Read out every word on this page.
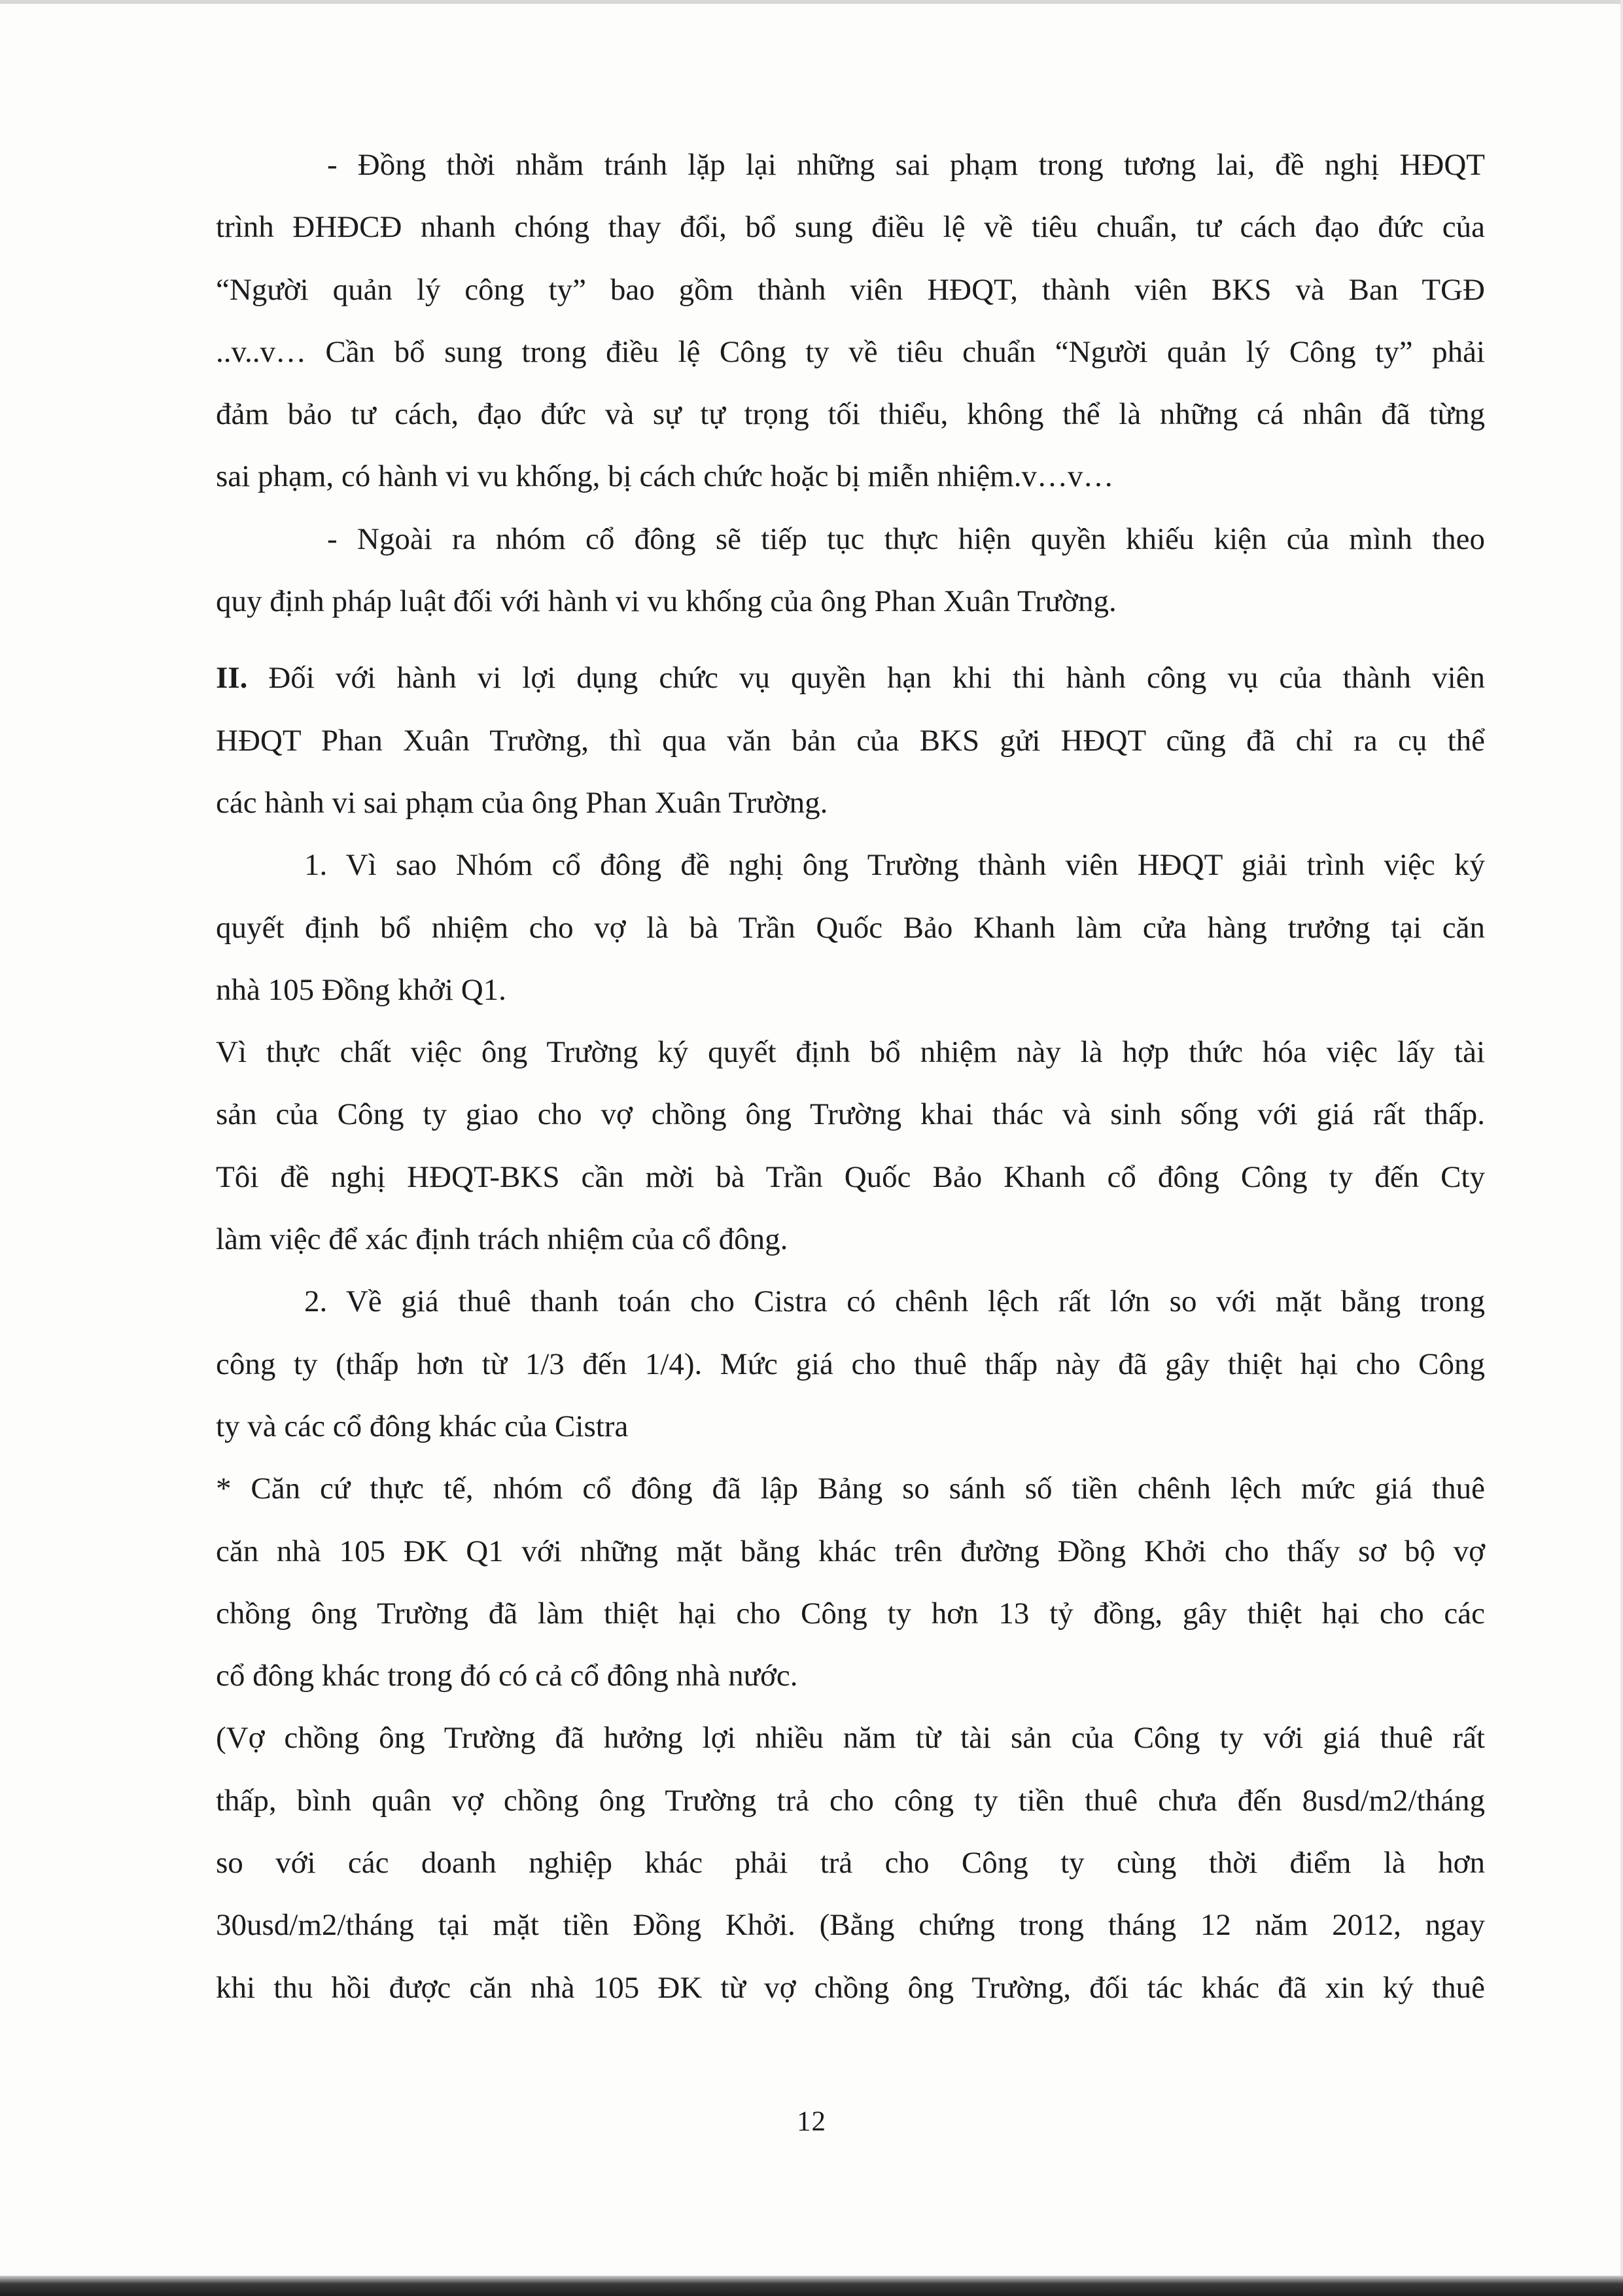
- Đồng thời nhằm tránh lặp lại những sai phạm trong tương lai, đề nghị HĐQT

trình ĐHĐCĐ nhanh chóng thay đổi, bổ sung điều lệ về tiêu chuẩn, tư cách đạo đức của

“Người quản lý công ty” bao gồm thành viên HĐQT, thành viên BKS và Ban TGĐ

..v..v… Cần bổ sung trong điều lệ Công ty về tiêu chuẩn “Người quản lý Công ty” phải

đảm bảo tư cách, đạo đức và sự tự trọng tối thiểu, không thể là những cá nhân đã từng

sai phạm, có hành vi vu khống, bị cách chức hoặc bị miễn nhiệm.v…v…

- Ngoài ra nhóm cổ đông sẽ tiếp tục thực hiện quyền khiếu kiện của mình theo

quy định pháp luật đối với hành vi vu khống của ông Phan Xuân Trường.

II. Đối với hành vi lợi dụng chức vụ quyền hạn khi thi hành công vụ của thành viên

HĐQT Phan Xuân Trường, thì qua văn bản của BKS gửi HĐQT cũng đã chỉ ra cụ thể

các hành vi sai phạm của ông Phan Xuân Trường.

1. Vì sao Nhóm cổ đông đề nghị ông Trường thành viên HĐQT giải trình việc ký

quyết định bổ nhiệm cho vợ là bà Trần Quốc Bảo Khanh làm cửa hàng trưởng tại căn

nhà 105 Đồng khởi Q1.

Vì thực chất việc ông Trường ký quyết định bổ nhiệm này là hợp thức hóa việc lấy tài

sản của Công ty giao cho vợ chồng ông Trường khai thác và sinh sống với giá rất thấp.

Tôi đề nghị HĐQT-BKS cần mời bà Trần Quốc Bảo Khanh cổ đông Công ty đến Cty

làm việc để xác định trách nhiệm của cổ đông.

2. Về giá thuê thanh toán cho Cistra có chênh lệch rất lớn so với mặt bằng trong

công ty (thấp hơn từ 1/3 đến 1/4). Mức giá cho thuê thấp này đã gây thiệt hại cho Công

ty và các cổ đông khác của Cistra

* Căn cứ thực tế, nhóm cổ đông đã lập Bảng so sánh số tiền chênh lệch mức giá thuê

căn nhà 105 ĐK Q1 với những mặt bằng khác trên đường Đồng Khởi cho thấy sơ bộ vợ

chồng ông Trường đã làm thiệt hại cho Công ty hơn 13 tỷ đồng, gây thiệt hại cho các

cổ đông khác trong đó có cả cổ đông nhà nước.

(Vợ chồng ông Trường đã hưởng lợi nhiều năm từ tài sản của Công ty với giá thuê rất

thấp, bình quân vợ chồng ông Trường trả cho công ty tiền thuê chưa đến 8usd/m2/tháng

so với các doanh nghiệp khác phải trả cho Công ty cùng thời điểm là hơn

30usd/m2/tháng tại mặt tiền Đồng Khởi. (Bằng chứng trong tháng 12 năm 2012, ngay

khi thu hồi được căn nhà 105 ĐK từ vợ chồng ông Trường, đối tác khác đã xin ký thuê

12
